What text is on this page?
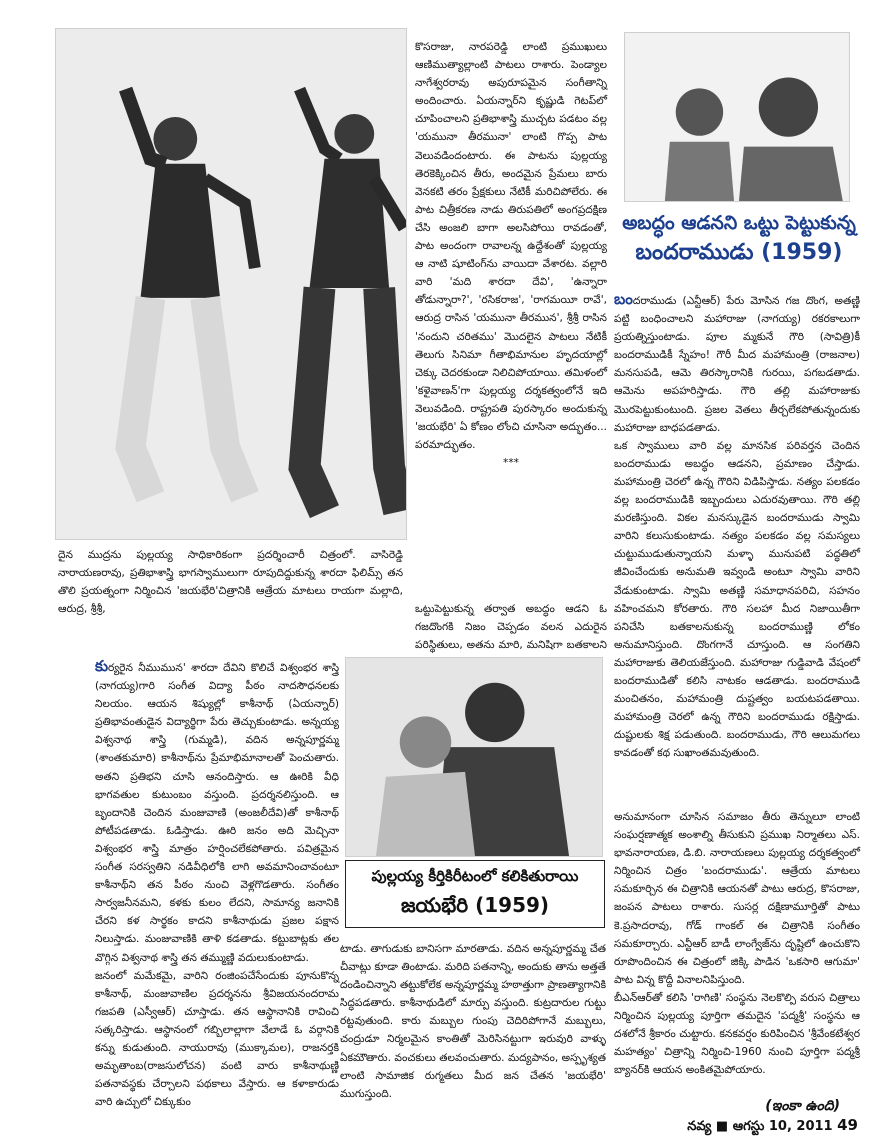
కొసరాజు, నారపరెడ్డి లాంటి ప్రముఖులు ఆణిముత్యాల్లాంటి పాటలు రాశారు. పెండ్యాల నాగేశ్వరరావు అపురూపమైన సంగీతాన్ని అందించారు. ఏయన్నార్‌ని కృష్ణుడి గెటప్‌లో చూపించాలని ప్రతిభాశాస్త్రి ముచ్చట పడటం వల్ల 'యమునా తీరమునా' లాంటి గొప్ప పాట వెలువడిందంటారు. ఈ పాటను పుల్లయ్య తెరకెక్కించిన తీరు, అందమైన ప్రేమలు బారు వెనకటి తరం ప్రేక్షకులు నేటికీ మరిచిపోలేరు. ఈ పాట చిత్రీకరణ నాడు తిరుపతిలో అంగప్రదక్షిణ చేసి అంజలి బాగా అలసిపోయి రావడంతో, పాట అందంగా రావాలన్న ఉద్దేశంతో పుల్లయ్య ఆ నాటి షూటింగ్‌ను వాయిదా వేశారట. వల్లారి వారి 'మది శారదా దేవి', 'ఉన్నారా తోడున్నారా?', 'రసికరాజ', 'రాగమయీ రావే', ఆరుద్ర రాసిన 'యమునా తీరమున', శ్రీశ్రీ రాసిన 'నందుని చరితము' మొదలైన పాటలు నేటికీ తెలుగు సినిమా గీతాభిమానుల హృదయాల్లో చెక్కు చెదరకుండా నిలిచిపోయాయి. తమిళంలో 'కళైవాణన్'గా పుల్లయ్య దర్శకత్వంలోనే ఇది వెలువడింది. రాష్ట్రపతి పురస్కారం అందుకున్న 'జయభేరి' ఏ కోణం లోంచి చూసినా అద్భుతం... పరమాద్భుతం.

***

అబద్ధం ఆడనని ఒట్టు పెట్టుకున్న
బందరాముడు (1959)

బందరాముడు (ఎన్టీఆర్) పేరు మోసిన గజ దొంగ, అతణ్ణి పట్టి బంధించాలని మహారాజు (నాగయ్య) రకరకాలుగా ప్రయత్నిస్తుంటాడు. పూల మ్మకునే గౌరి (సావిత్రి)కీ బందరాముడికీ స్నేహం! గౌరీ మీద మహామంత్రి (రాజనాల) మనసుపడి, ఆమె తిరస్కారానికి గురయి, పగబడతాడు. ఆమెను అపహరిస్తాడు. గౌరి తల్లి మహారాజుకు మొరపెట్టుకుంటుంది. ప్రజల వెతలు తీర్చలేకపోతున్నందుకు మహారాజు బాధపడతాడు.
ఒక స్వాములు వారి వల్ల మానసిక పరివర్తన చెందిన బందరాముడు అబద్ధం ఆడనని, ప్రమాణం చేస్తాడు. మహామంత్రి చెరలో ఉన్న గౌరిని విడిపిస్తాడు. నత్యం పలకడం వల్ల బందరాముడికి ఇబ్బందులు ఎదురవుతాయి. గౌరి తల్లి మరణిస్తుంది. వికల మనస్కుడైన బందరాముడు స్వామి వారిని కలుసుకుంటాడు. నత్యం పలకడం వల్ల సమస్యలు చుట్టుముడుతున్నాయని మళ్ళా మునుపటి పద్ధతిలో జీవించేందుకు అనుమతి ఇవ్వండి అంటూ స్వామి వారిని వేడుకుంటాడు. స్వామి అతణ్ణి సమాధానపరిచి, సహనం వహించమని కోరతారు. గౌరి సలహా మీద నిజాయితీగా పనిచేసి బతకాలనుకున్న బందరాముణ్ణి లోకం అనుమానిస్తుంది. దొంగగానే చూస్తుంది. ఆ సంగతిని మహారాజుకు తెలియజేస్తుంది. మహారాజు గుడ్డివాడి వేషంలో బందరాముడితో కలిసి నాటకం ఆడతాడు. బందరాముడి మంచితనం, మహామంత్రి దుష్టత్వం బయటపడతాయి. మహామంత్రి చెరలో ఉన్న గౌరిని బందరాముడు రక్షిస్తాడు. దుష్టులకు శిక్ష పడుతుంది. బందరాముడు, గౌరి ఆలుమగలు కావడంతో కథ సుఖాంతమవుతుంది.

దైన ముద్రను పుల్లయ్య సాధికారికంగా ప్రదర్శించారీ చిత్రంలో. వాసిరెడ్డి నారాయణరావు, ప్రతిభాశాస్త్రి భాగస్వాములుగా రూపుదిద్దుకున్న శారదా ఫిలిమ్స్ తన తొలి ప్రయత్నంగా నిర్మించిన 'జయభేరి'చిత్రానికి ఆత్రేయ మాటలు రాయగా మల్లాది, ఆరుద్ర, శ్రీశ్రీ,	ఒట్టుపెట్టుకున్న తర్వాత అబద్ధం ఆడని ఓ గజదొంగకి నిజం చెప్పడం వలన ఎదురైన పరిస్థితులు, అతను మారి, మనిషిగా బతకాలని

కుర్యరైన నీముమున' శారదా దేవిని కొలిచే విశ్వంభర శాస్త్రి (నాగయ్య)గారి సంగీత విద్యా పీఠం నాదసౌధనలకు నిలయం. ఆయన శిష్యుల్లో కాశీనాథ్ (ఏయన్నార్) ప్రతిభావంతుడైన విద్యార్థిగా పేరు తెచ్చుకుంటాడు. అన్నయ్య విశ్వనాథ శాస్త్రి (గుమ్మడి), వదిన అన్నపూర్ణమ్మ (శాంతకుమారి) కాశీనాథ్‌ను ప్రేమాభిమానాలతో పెంచుతారు. అతని ప్రతిభని చూసి ఆనందిస్తారు. ఆ ఊరికి వీధి భాగవతుల కుటుంబం వస్తుంది. ప్రదర్శనలిస్తుంది. ఆ బృందానికి చెందిన మంజువాణి (అంజలీదేవి)తో కాశీనాథ్ పోటీపడతాడు. ఓడిస్తాడు. ఊరి జనం అది మెచ్చినా విశ్వంభర శాస్త్రి మాత్రం హర్షించలేకపోతారు. పవిత్రమైన సంగీత సరస్వతిని నడివీధిలోకి లాగి అవమానించావంటూ కాశీనాథ్‌ని తన పీఠం నుంచి వెళ్లగొడతారు. సంగీతం సార్వజనీనమని, కళకు కులం లేదని, సామాన్య జనానికి చేరని కళ సార్థకం కాదని కాశీనాథుడు ప్రజల పక్షాన నిలుస్తాడు. మంజువాణికి తాళి కడతాడు. కట్టుబాట్లకు తల వొగ్గిన విశ్వనాథ శాస్త్రి తన తమ్ముణ్ణి వదులుకుంటాడు.
జనంలో మమేకమై, వారిని రంజింపచేసేందుకు పూనుకొన్న కాశీనాథ్, మంజువాణిల ప్రదర్శనను శ్రీవిజయనందరామ గజపతి (ఎస్వీఆర్) చూస్తాడు. తన ఆస్థానానికి రావించి సత్కరిస్తాడు. ఆస్థానంలో గబ్బిలాల్లాగా వేలాడే ఓ వర్గానికి కన్ను కుడుతుంది. నాయురావు (ముక్కామల), రాజనర్తకి అమృతాంబ(రాజసులోచన) వంటి వారు కాశీనాథుణ్ణి పతనావస్థకు చేర్చాలని పథకాలు వేస్తారు. ఆ కళాకారుడు వారి ఉచ్చులో చిక్కుకుం

పుల్లయ్య కీర్తికిరీటంలో కలికితురాయి
జయభేరి (1959)

టాడు. తాగుడుకు బానిసగా మారతాడు. వదిన అన్నపూర్ణమ్మ చేత చీవాట్లు కూడా తింటాడు. మరిది పతనాన్ని, అందుకు తాను అత్తతే దండించిన్నాని తట్టుకోలేక అన్నపూర్ణమ్మ హఠాత్తుగా ప్రాణత్యాగానికి సిద్ధపడతారు. కాశీనాథుడిలో మార్పు వస్తుంది. కుట్రదారుల గుట్టు రట్టవుతుంది. కారు మబ్బుల గుంపు చెదిరిపోగానే మబ్బులు, చంద్రుడూ నిర్మలమైన కాంతితో మెరిసినట్టుగా ఇరువురి వాళ్ళు ఏకమౌతారు. వంచకులు తలవంచుతారు. మద్యపానం, అస్పృశ్యత లాంటి సామాజిక రుగ్మతలు మీద జన చేతన 'జయభేరి' ముగుస్తుంది.

అనుమానంగా చూసిన సమాజం తీరు తెన్నులూ లాంటి సంఘర్షణాత్మక అంశాల్ని తీసుకుని ప్రముఖ నిర్మాతలు ఎస్. భావనారాయణ, డి.బి. నారాయణలు పుల్లయ్య దర్శకత్వంలో నిర్మించిన చిత్రం 'బందరాముడు'. ఆత్రేయ మాటలు సమకూర్చిన ఈ చిత్రానికి ఆయనతో పాటు ఆరుద్ర, కొసరాజు, జంపన పాటలు రాశారు. సుసర్ల దక్షిణామూర్తితో పాటు కె.ప్రసాదరావు, గోడ్ గాంకల్ ఈ చిత్రానికి సంగీతం సమకూర్చారు. ఎన్టీఆర్ బాడీ లాంగ్వేజ్‌ను దృష్టిలో ఉంచుకొని రూపొందించిన ఈ చిత్రంలో జిక్కి పాడిన 'ఒకసారి ఆగుమా' పాట విన్న కొద్దీ వినాలనిపిస్తుంది.
బీఎన్ఆర్‌తో కలిసి 'రాగిణి' సంస్థను నెలకొల్పి వరుస చిత్రాలు నిర్మించిన పుల్లయ్య పూర్తిగా తమదైన 'పద్మశ్రీ' సంస్థను ఆ దశలోనే శ్రీకారం చుట్టారు. కనకవర్షం కురిపించిన 'శ్రీవేంకటేశ్వర మహత్యం' చిత్రాన్ని నిర్మించి-1960 నుంచి పూర్తిగా పద్మశ్రీ బ్యానర్‌కి ఆయన అంకితమైపోయారు.

(ఇంకా ఉంది)
నవ్య ■ ఆగస్టు 10, 2011 49
